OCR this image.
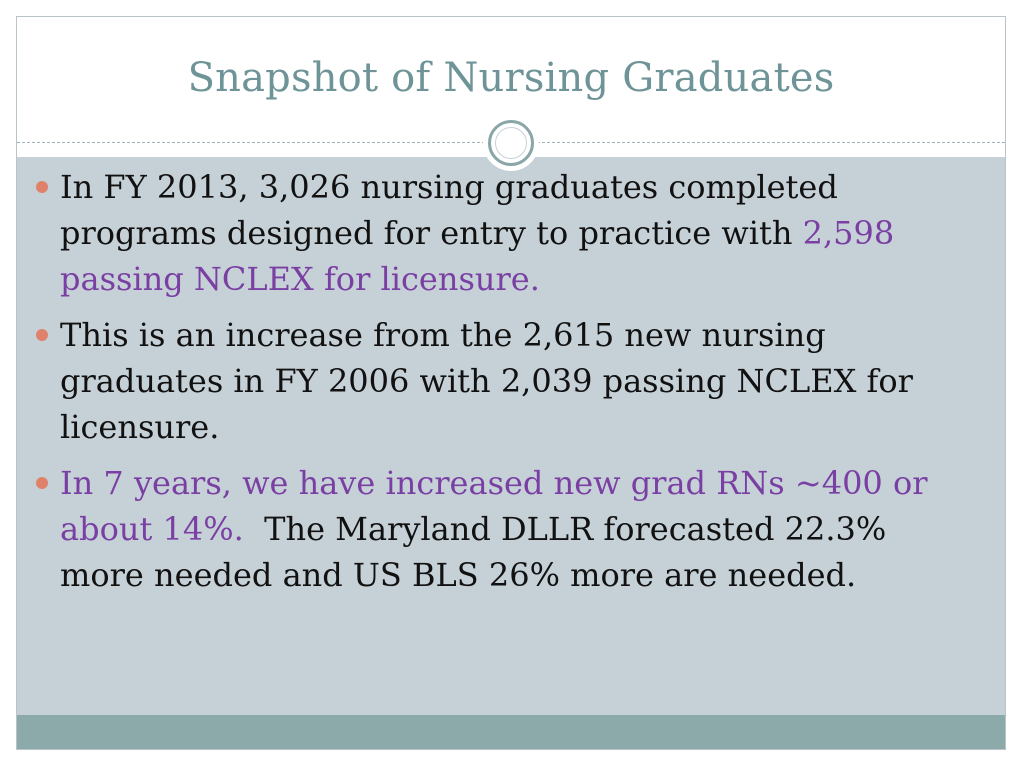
Snapshot of Nursing Graduates
In FY 2013, 3,026 nursing graduates completed programs designed for entry to practice with 2,598 passing NCLEX for licensure.
This is an increase from the 2,615 new nursing graduates in FY 2006 with 2,039 passing NCLEX for licensure.
In 7 years, we have increased new grad RNs ~400 or about 14%.  The Maryland DLLR forecasted 22.3% more needed and US BLS 26% more are needed.
